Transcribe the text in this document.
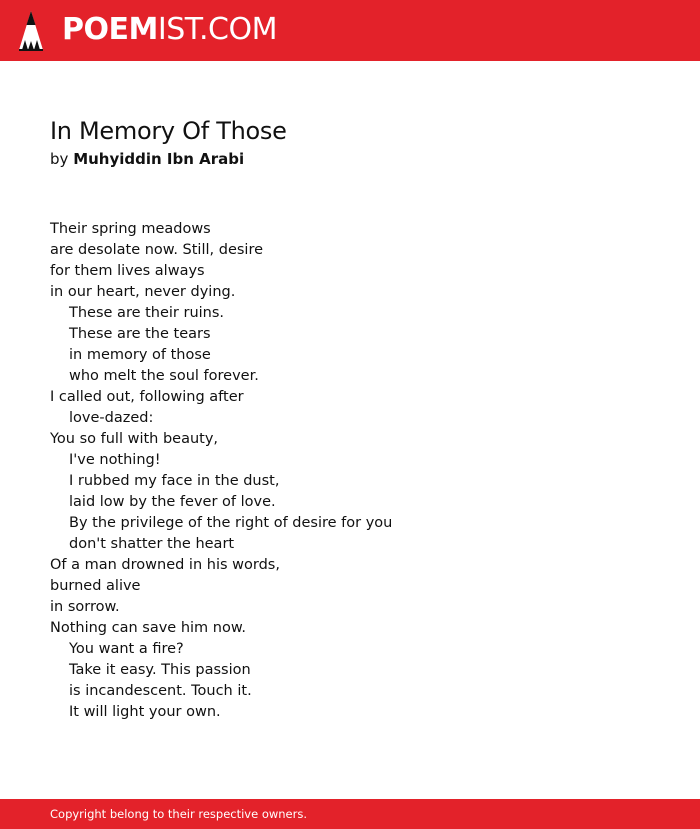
POEMIST.COM
In Memory Of Those
by Muhyiddin Ibn Arabi
Their spring meadows
are desolate now. Still, desire
for them lives always
in our heart, never dying.
These are their ruins.
These are the tears
in memory of those
who melt the soul forever.
I called out, following after
love-dazed:
You so full with beauty,
I've nothing!
I rubbed my face in the dust,
laid low by the fever of love.
By the privilege of the right of desire for you
don't shatter the heart
Of a man drowned in his words,
burned alive
in sorrow.
Nothing can save him now.
You want a fire?
Take it easy. This passion
is incandescent. Touch it.
It will light your own.
Copyright belong to their respective owners.
